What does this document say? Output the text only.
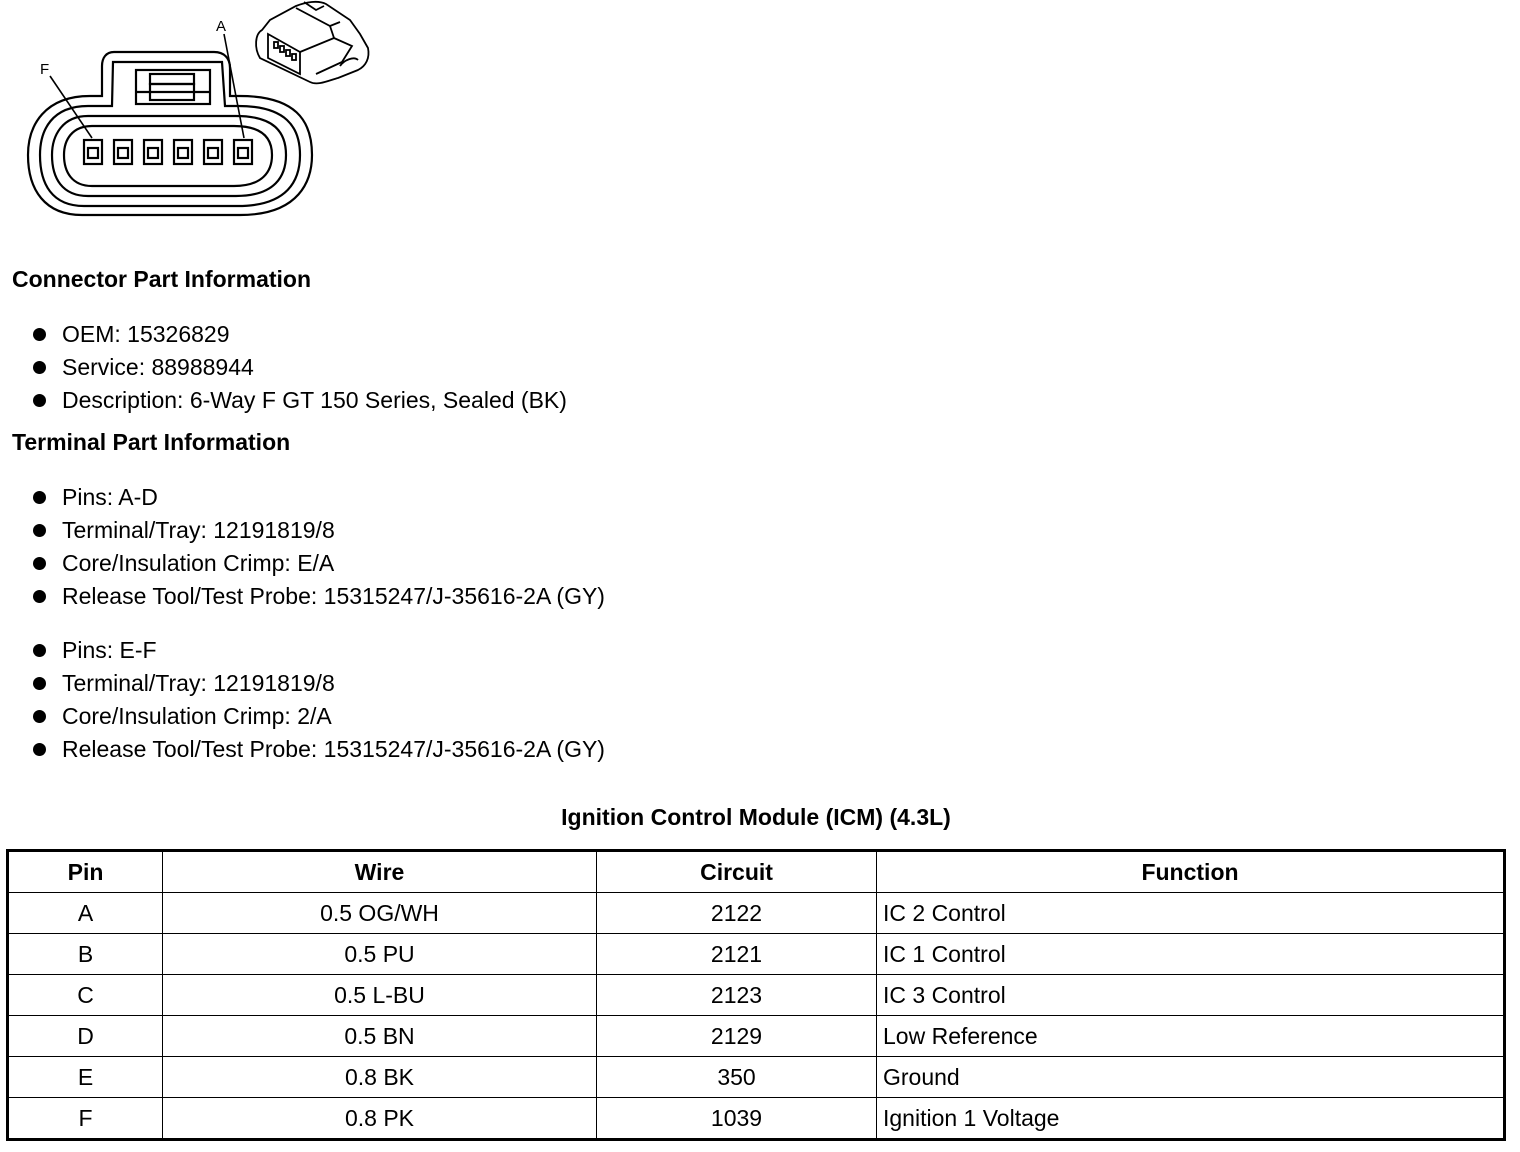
A
F
Connector Part Information
OEM: 15326829
Service: 88988944
Description: 6-Way F GT 150 Series, Sealed (BK)
Terminal Part Information
Pins: A-D
Terminal/Tray: 12191819/8
Core/Insulation Crimp: E/A
Release Tool/Test Probe: 15315247/J-35616-2A (GY)
Pins: E-F
Terminal/Tray: 12191819/8
Core/Insulation Crimp: 2/A
Release Tool/Test Probe: 15315247/J-35616-2A (GY)
Ignition Control Module (ICM) (4.3L)
Pin	Wire	Circuit	Function
A	0.5 OG/WH	2122	IC 2 Control
B	0.5 PU	2121	IC 1 Control
C	0.5 L-BU	2123	IC 3 Control
D	0.5 BN	2129	Low Reference
E	0.8 BK	350	Ground
F	0.8 PK	1039	Ignition 1 Voltage
